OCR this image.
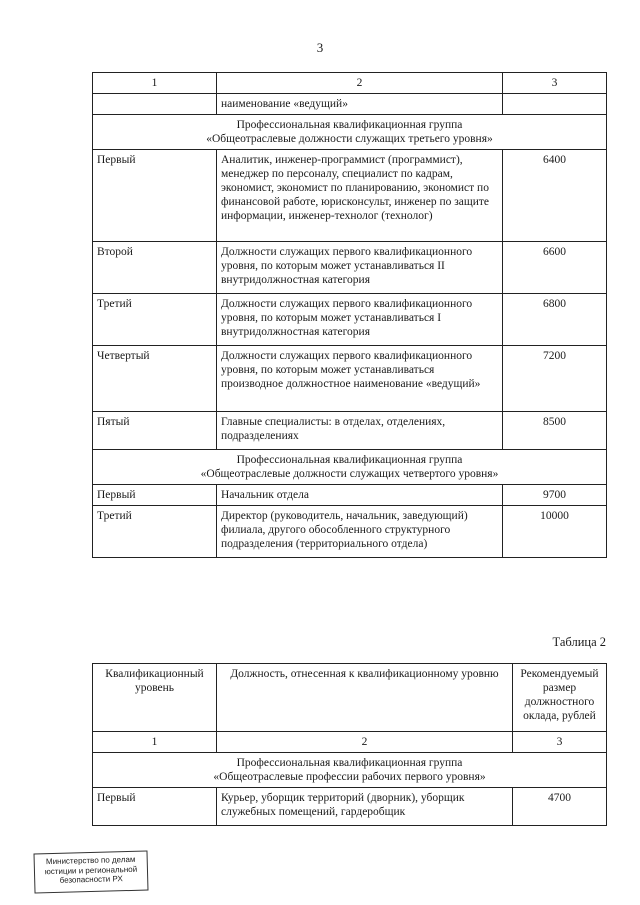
3
1	2	3
	наименование «ведущий»	

Профессиональная квалификационная группа
«Общеотраслевые должности служащих третьего уровня»		

Первый	Аналитик, инженер-программист (программист), менеджер по персоналу, специалист по кадрам, экономист, экономист по планированию, экономист по финансовой работе, юрисконсульт, инженер по защите информации, инженер-технолог (технолог)	6400
Второй	Должности служащих первого квалификационного уровня, по которым может устанавливаться II внутридолжностная категория	6600
Третий	Должности служащих первого квалификационного уровня, по которым может устанавливаться I внутридолжностная категория	6800
Четвертый	Должности служащих первого квалификационного уровня, по которым может устанавливаться производное должностное наименование «ведущий»	7200
Пятый	Главные специалисты: в отделах, отделениях, подразделениях	8500

Профессиональная квалификационная группа
«Общеотраслевые должности служащих четвертого уровня»		

Первый	Начальник отдела	9700
Третий	Директор (руководитель, начальник, заведующий) филиала, другого обособленного структурного подразделения (территориального отдела)	10000
Таблица 2
Квалификационный уровень	Должность, отнесенная к квалификационному уровню	Рекомендуемый размер должностного оклада, рублей
1	2	3

Профессиональная квалификационная группа
«Общеотраслевые профессии рабочих первого уровня»		

Первый	Курьер, уборщик территорий (дворник), уборщик служебных помещений, гардеробщик	4700
Министерство по делам
юстиции и региональной
безопасности РХ
